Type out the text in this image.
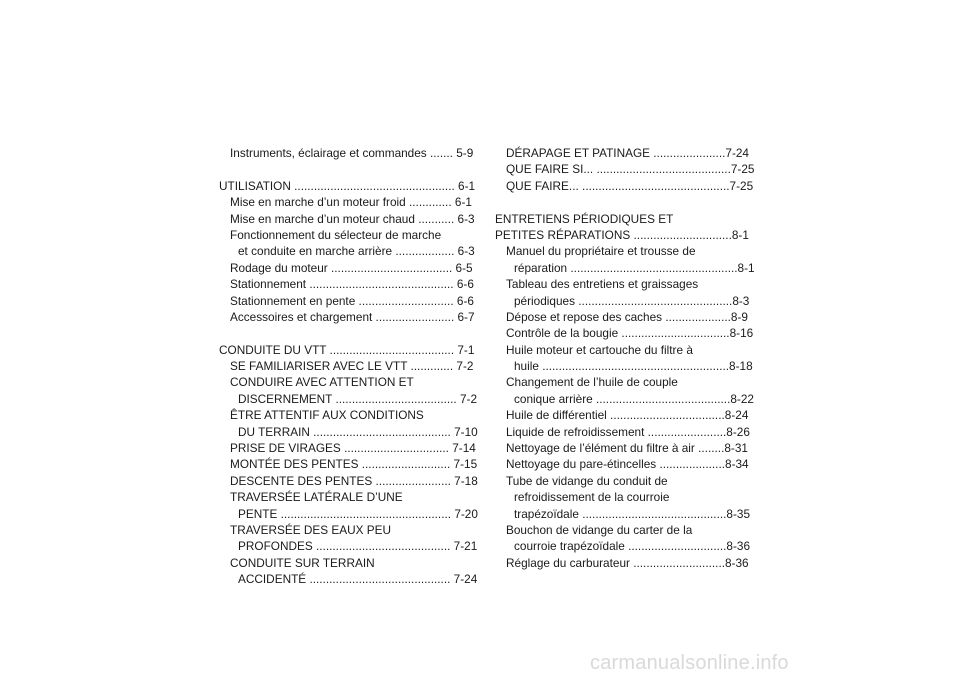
Instruments, éclairage et commandes ....... 5-9
UTILISATION ................................................. 6-1
Mise en marche d’un moteur froid ............. 6-1
Mise en marche d’un moteur chaud ........... 6-3
Fonctionnement du sélecteur de marche
et conduite en marche arrière .................. 6-3
Rodage du moteur ..................................... 6-5
Stationnement ............................................ 6-6
Stationnement en pente ............................. 6-6
Accessoires et chargement ........................ 6-7
CONDUITE DU VTT ...................................... 7-1
SE FAMILIARISER AVEC LE VTT ............. 7-2
CONDUIRE AVEC ATTENTION ET
DISCERNEMENT ..................................... 7-2
ÊTRE ATTENTIF AUX CONDITIONS
DU TERRAIN .......................................... 7-10
PRISE DE VIRAGES ................................ 7-14
MONTÉE DES PENTES ........................... 7-15
DESCENTE DES PENTES ....................... 7-18
TRAVERSÉE LATÉRALE D’UNE
PENTE .................................................... 7-20
TRAVERSÉE DES EAUX PEU
PROFONDES ......................................... 7-21
CONDUITE SUR TERRAIN
ACCIDENTÉ ........................................... 7-24
DÉRAPAGE ET PATINAGE ......................7-24
QUE FAIRE SI... .........................................7-25
QUE FAIRE... .............................................7-25
ENTRETIENS PÉRIODIQUES ET
PETITES RÉPARATIONS ..............................8-1
Manuel du propriétaire et trousse de
réparation ...................................................8-1
Tableau des entretiens et graissages
périodiques ...............................................8-3
Dépose et repose des caches ....................8-9
Contrôle de la bougie .................................8-16
Huile moteur et cartouche du filtre à
huile .........................................................8-18
Changement de l’huile de couple
conique arrière .........................................8-22
Huile de différentiel ...................................8-24
Liquide de refroidissement ........................8-26
Nettoyage de l’élément du filtre à air ........8-31
Nettoyage du pare-étincelles ....................8-34
Tube de vidange du conduit de
refroidissement de la courroie
trapézoïdale ............................................8-35
Bouchon de vidange du carter de la
courroie trapézoïdale ..............................8-36
Réglage du carburateur ............................8-36
carmanualsonline.info
